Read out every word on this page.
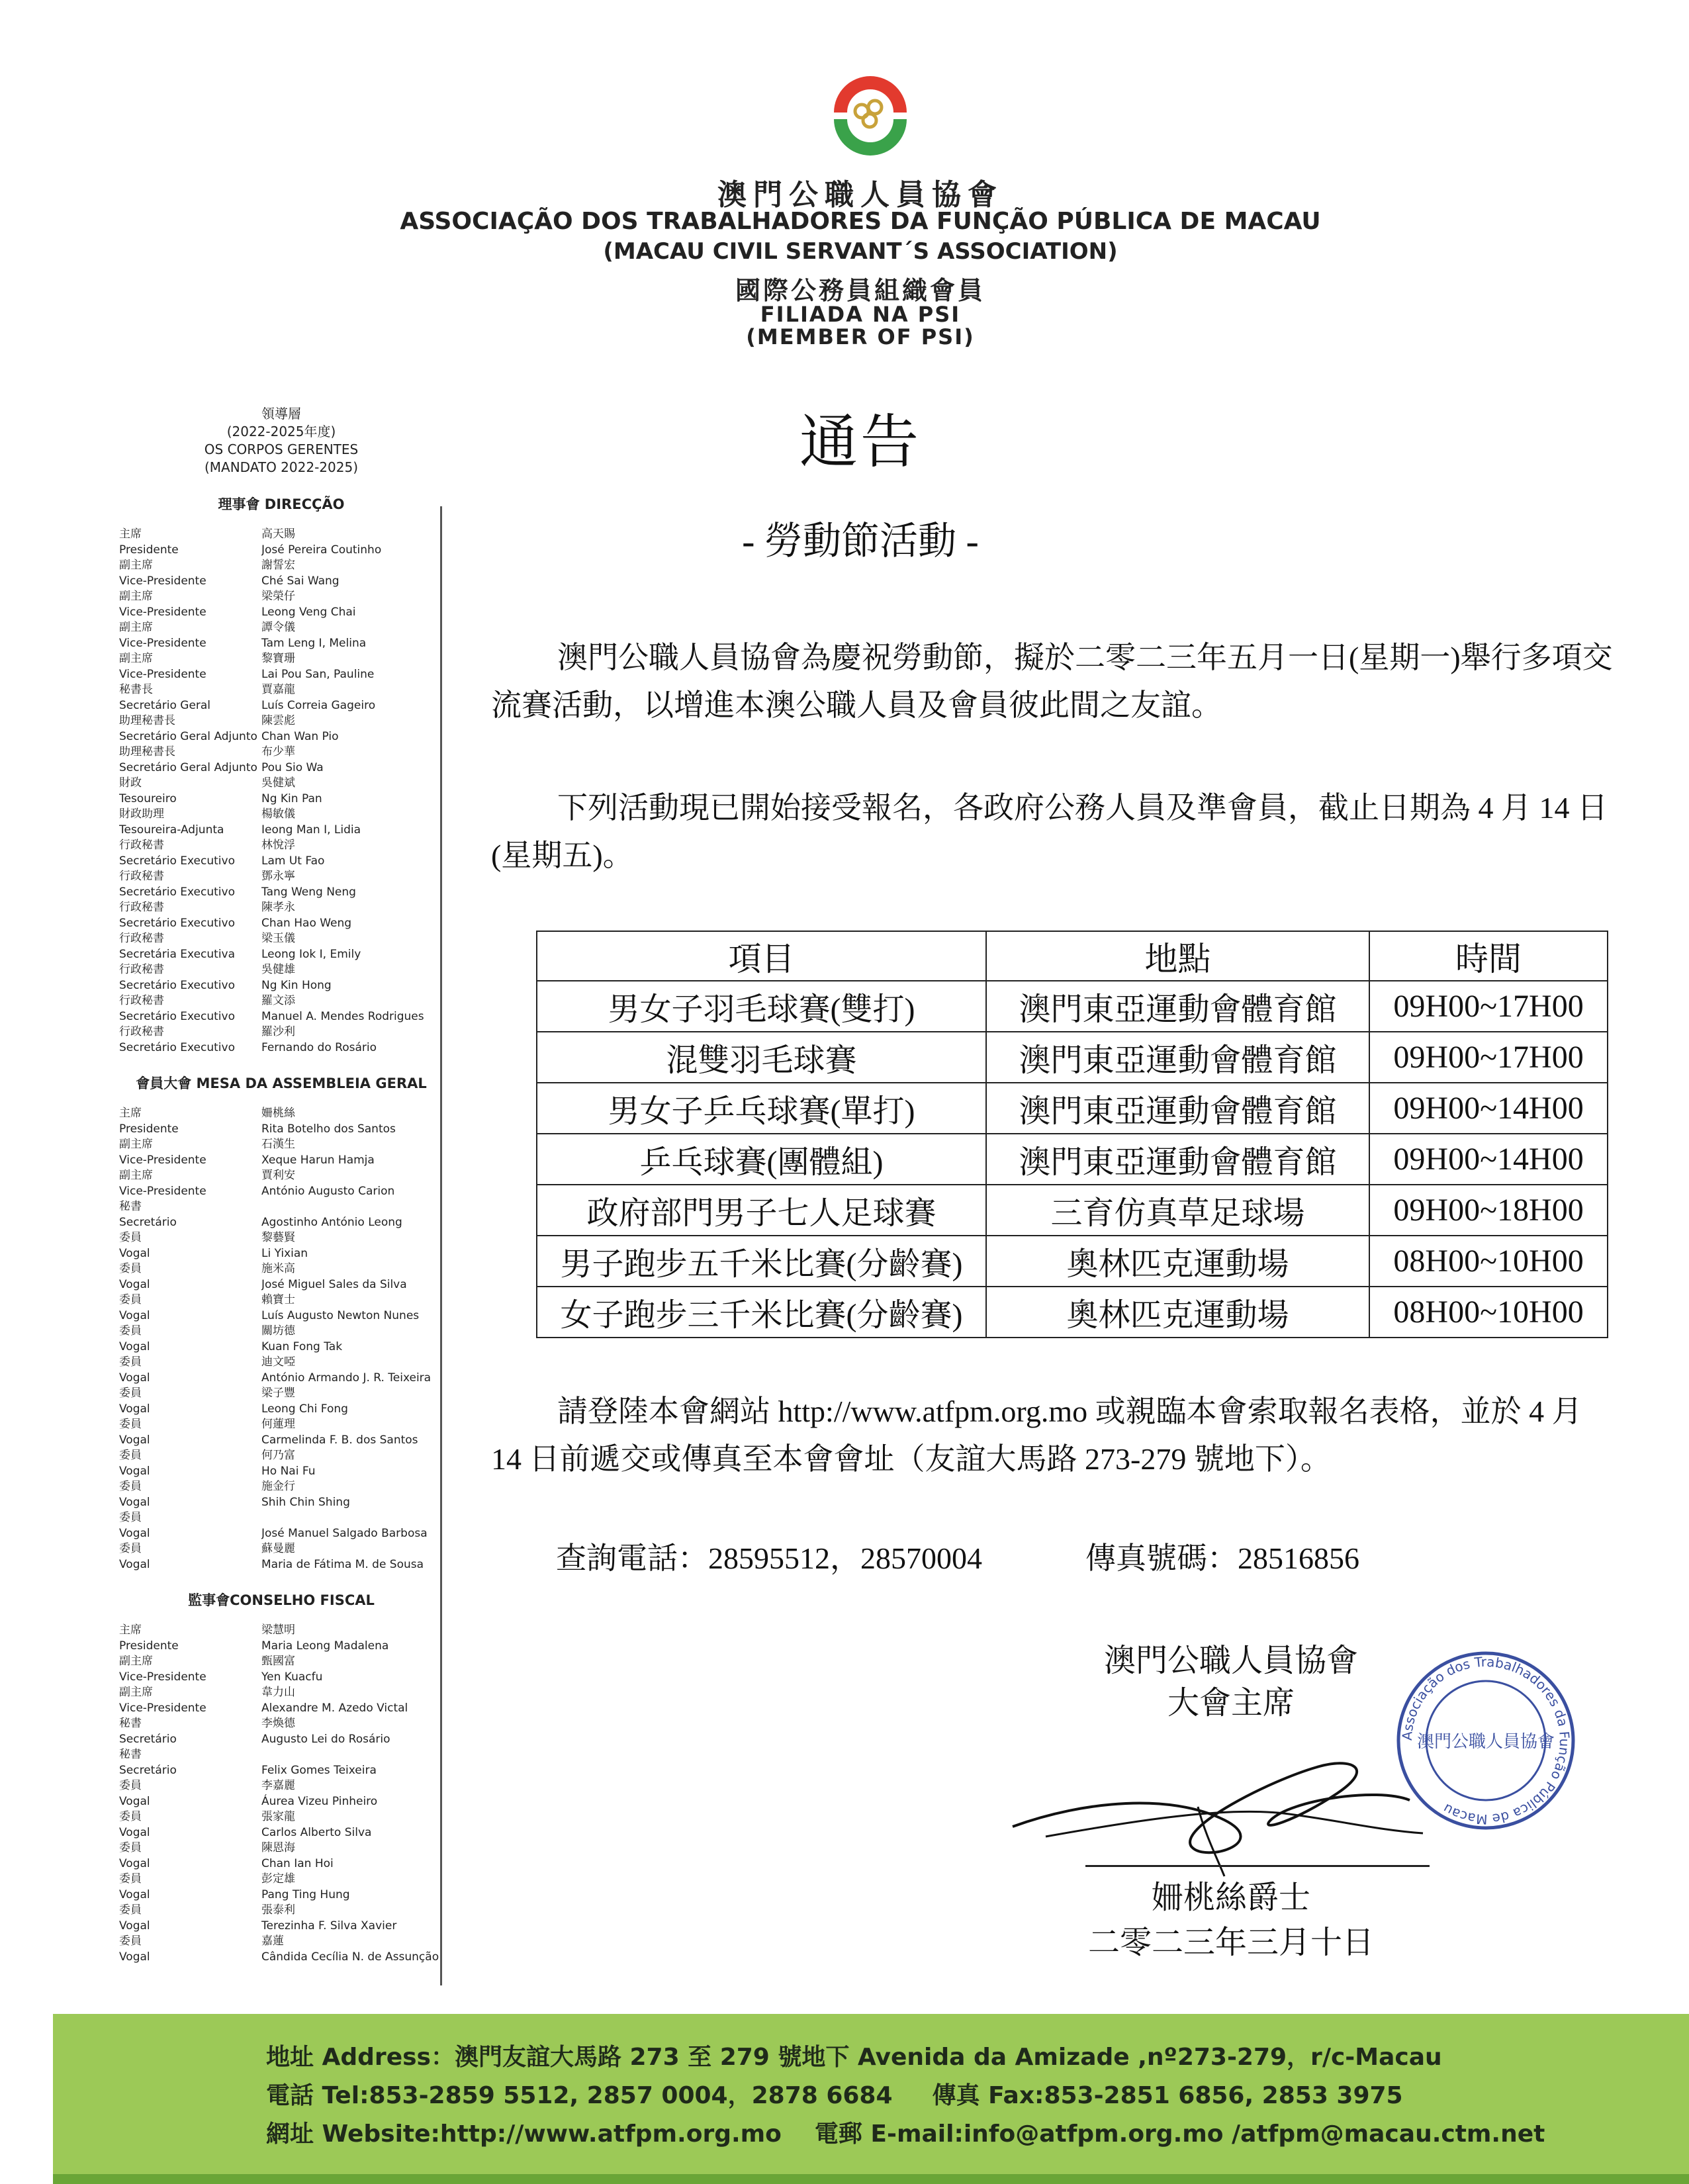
澳門公職人員協會
ASSOCIAÇÃO DOS TRABALHADORES DA FUNÇÃO PÚBLICA DE MACAU
(MACAU CIVIL SERVANT´S ASSOCIATION)
國際公務員組織會員
FILIADA NA PSI
(MEMBER OF PSI)
領導層
(2022-2025年度)
OS CORPOS GERENTES
(MANDATO 2022-2025)
理事會 DIRECÇÃO
主席	高天賜
Presidente	José Pereira Coutinho
副主席	謝誓宏
Vice-Presidente	Ché Sai Wang
副主席	梁榮仔
Vice-Presidente	Leong Veng Chai
副主席	譚令儀
Vice-Presidente	Tam Leng I, Melina
副主席	黎寶珊
Vice-Presidente	Lai Pou San, Pauline
秘書長	賈嘉龍
Secretário Geral	Luís Correia Gageiro
助理秘書長	陳雲彪
Secretário Geral Adjunto Chan Wan Pio
助理秘書長	布少華
Secretário Geral Adjunto Pou Sio Wa
財政	吳健斌
Tesoureiro	Ng Kin Pan
財政助理	楊敏儀
Tesoureira-Adjunta	Ieong Man I, Lidia
行政秘書	林悅浮
Secretário Executivo	Lam Ut Fao
行政秘書	鄧永寧
Secretário Executivo	Tang Weng Neng
行政秘書	陳孝永
Secretário Executivo	Chan Hao Weng
行政秘書	梁玉儀
Secretária Executiva	Leong Iok I, Emily
行政秘書	吳健雄
Secretário Executivo	Ng Kin Hong
行政秘書	羅文添
Secretário Executivo	Manuel A. Mendes Rodrigues
行政秘書	羅沙利
Secretário Executivo	Fernando do Rosário
會員大會 MESA DA ASSEMBLEIA GERAL
主席	姍桃絲
Presidente	Rita Botelho dos Santos
副主席	石漢生
Vice-Presidente	Xeque Harun Hamja
副主席	賈利安
Vice-Presidente	António Augusto Carion
秘書
Secretário	Agostinho António Leong
委員	黎藝賢
Vogal	Li Yixian
委員	施米高
Vogal	José Miguel Sales da Silva
委員	賴寶士
Vogal	Luís Augusto Newton Nunes
委員	關坊德
Vogal	Kuan Fong Tak
委員	迪文啞
Vogal	António Armando J. R. Teixeira
委員	梁子豐
Vogal	Leong Chi Fong
委員	何蓮理
Vogal	Carmelinda F. B. dos Santos
委員	何乃富
Vogal	Ho Nai Fu
委員	施金行
Vogal	Shih Chin Shing
委員
Vogal	José Manuel Salgado Barbosa
委員	蘇曼麗
Vogal	Maria de Fátima M. de Sousa
監事會CONSELHO FISCAL
主席	梁慧明
Presidente	Maria Leong Madalena
副主席	甄國富
Vice-Presidente	Yen Kuacfu
副主席	韋力山
Vice-Presidente	Alexandre M. Azedo Victal
秘書	李煥德
Secretário	Augusto Lei do Rosário
秘書
Secretário	Felix Gomes Teixeira
委員	李嘉麗
Vogal	Áurea Vizeu Pinheiro
委員	張家龍
Vogal	Carlos Alberto Silva
委員	陳恩海
Vogal	Chan Ian Hoi
委員	彭定雄
Vogal	Pang Ting Hung
委員	張泰利
Vogal	Terezinha F. Silva Xavier
委員	嘉蓮
Vogal	Cândida Cecília N. de Assunção
通告
- 勞動節活動 -
澳門公職人員協會為慶祝勞動節，擬於二零二三年五月一日(星期一)舉行多項交流賽活動，以增進本澳公職人員及會員彼此間之友誼。
下列活動現已開始接受報名，各政府公務人員及準會員，截止日期為 4 月 14 日(星期五)。
項目	地點	時間
男女子羽毛球賽(雙打)	澳門東亞運動會體育館	09H00~17H00
混雙羽毛球賽	澳門東亞運動會體育館	09H00~17H00
男女子乒乓球賽(單打)	澳門東亞運動會體育館	09H00~14H00
乒乓球賽(團體組)	澳門東亞運動會體育館	09H00~14H00
政府部門男子七人足球賽	三育仿真草足球場	09H00~18H00
男子跑步五千米比賽(分齡賽)	奧林匹克運動場	08H00~10H00
女子跑步三千米比賽(分齡賽)	奧林匹克運動場	08H00~10H00
請登陸本會網站 http://www.atfpm.org.mo 或親臨本會索取報名表格，並於 4 月 14 日前遞交或傳真至本會會址（友誼大馬路 273-279 號地下）。
查詢電話：28595512，28570004	傳真號碼：28516856
澳門公職人員協會
大會主席
姍桃絲爵士
二零二三年三月十日
Associação dos Trabalhadores da Função Pública de Macau
澳門公職人員協會
地址 Address：澳門友誼大馬路 273 至 279 號地下 Avenida da Amizade ,nº273-279，r/c-Macau
電話 Tel:853-2859 5512, 2857 0004，2878 6684 傳真 Fax:853-2851 6856, 2853 3975
網址 Website:http://www.atfpm.org.mo 電郵 E-mail:info@atfpm.org.mo /atfpm@macau.ctm.net
